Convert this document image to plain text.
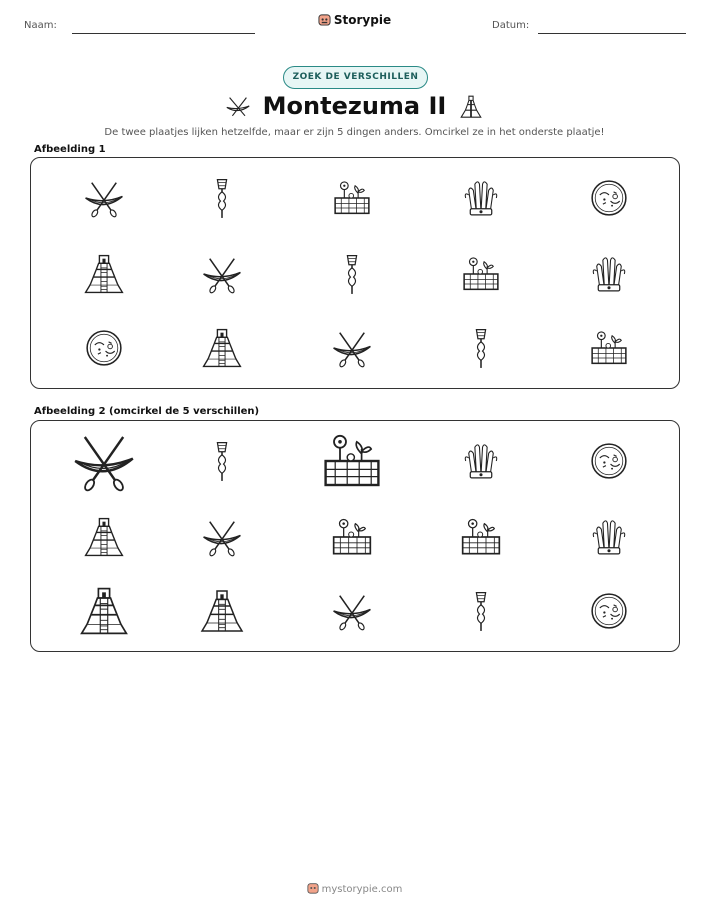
Naam:	Storypie	Datum:
ZOEK DE VERSCHILLEN
Montezuma II
De twee plaatjes lijken hetzelfde, maar er zijn 5 dingen anders. Omcirkel ze in het onderste plaatje!
Afbeelding 1
Afbeelding 2 (omcirkel de 5 verschillen)
mystorypie.com
